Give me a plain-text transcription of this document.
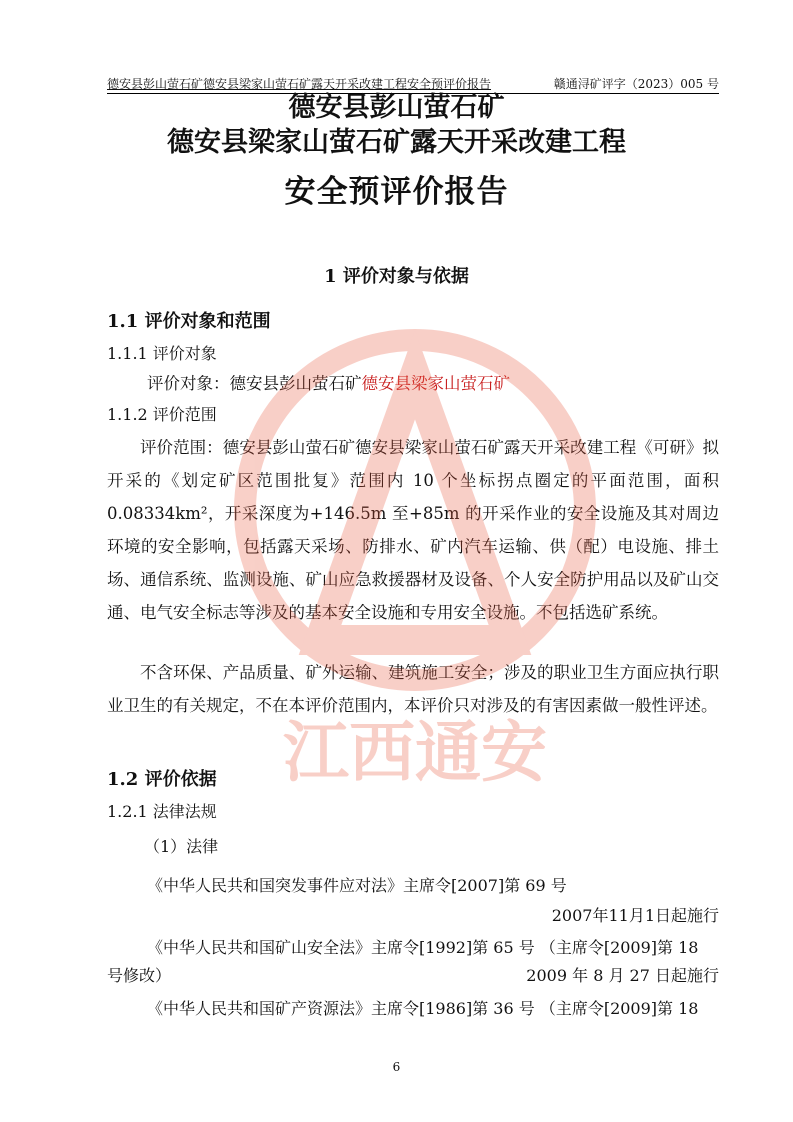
德安县彭山萤石矿德安县梁家山萤石矿露天开采改建工程安全预评价报告	赣通浔矿评字（2023）005 号
德安县彭山萤石矿
德安县梁家山萤石矿露天开采改建工程
安全预评价报告
1 评价对象与依据
1.1 评价对象和范围
1.1.1 评价对象
评价对象：德安县彭山萤石矿德安县梁家山萤石矿
1.1.2 评价范围
评价范围：德安县彭山萤石矿德安县梁家山萤石矿露天开采改建工程《可研》拟开采的《划定矿区范围批复》范围内 10 个坐标拐点圈定的平面范围，面积 0.08334km²，开采深度为+146.5m 至+85m 的开采作业的安全设施及其对周边环境的安全影响，包括露天采场、防排水、矿内汽车运输、供（配）电设施、排土场、通信系统、监测设施、矿山应急救援器材及设备、个人安全防护用品以及矿山交通、电气安全标志等涉及的基本安全设施和专用安全设施。不包括选矿系统。
不含环保、产品质量、矿外运输、建筑施工安全；涉及的职业卫生方面应执行职业卫生的有关规定，不在本评价范围内，本评价只对涉及的有害因素做一般性评述。
1.2 评价依据
1.2.1 法律法规
（1）法律
《中华人民共和国突发事件应对法》主席令[2007]第 69 号
2007年11月1日起施行
《中华人民共和国矿山安全法》主席令[1992]第 65 号 （主席令[2009]第 18
号修改）	2009 年 8 月 27 日起施行
《中华人民共和国矿产资源法》主席令[1986]第 36 号 （主席令[2009]第 18
6
江西通安
